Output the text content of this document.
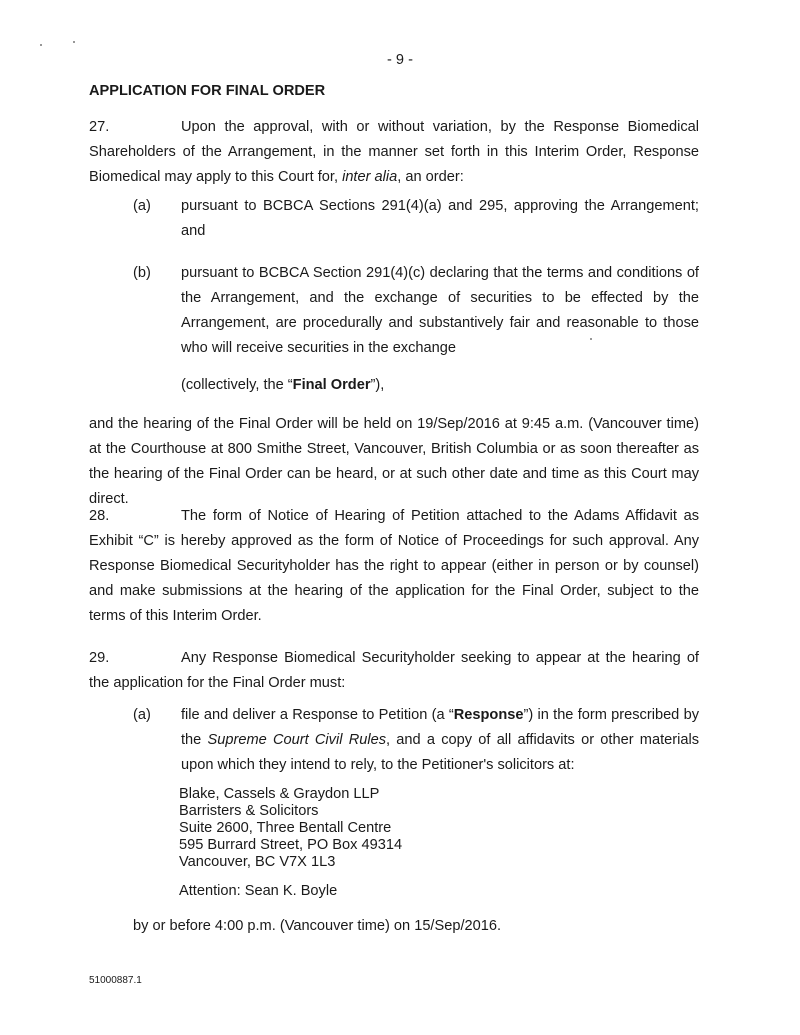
- 9 -
APPLICATION FOR FINAL ORDER
27.	Upon the approval, with or without variation, by the Response Biomedical Shareholders of the Arrangement, in the manner set forth in this Interim Order, Response Biomedical may apply to this Court for, inter alia, an order:
(a) pursuant to BCBCA Sections 291(4)(a) and 295, approving the Arrangement; and
(b) pursuant to BCBCA Section 291(4)(c) declaring that the terms and conditions of the Arrangement, and the exchange of securities to be effected by the Arrangement, are procedurally and substantively fair and reasonable to those who will receive securities in the exchange
(collectively, the “Final Order”),
and the hearing of the Final Order will be held on 19/Sep/2016 at 9:45 a.m. (Vancouver time) at the Courthouse at 800 Smithe Street, Vancouver, British Columbia or as soon thereafter as the hearing of the Final Order can be heard, or at such other date and time as this Court may direct.
28.	The form of Notice of Hearing of Petition attached to the Adams Affidavit as Exhibit “C” is hereby approved as the form of Notice of Proceedings for such approval. Any Response Biomedical Securityholder has the right to appear (either in person or by counsel) and make submissions at the hearing of the application for the Final Order, subject to the terms of this Interim Order.
29.	Any Response Biomedical Securityholder seeking to appear at the hearing of the application for the Final Order must:
(a) file and deliver a Response to Petition (a “Response”) in the form prescribed by the Supreme Court Civil Rules, and a copy of all affidavits or other materials upon which they intend to rely, to the Petitioner's solicitors at:
Blake, Cassels & Graydon LLP
Barristers & Solicitors
Suite 2600, Three Bentall Centre
595 Burrard Street, PO Box 49314
Vancouver, BC V7X 1L3
Attention: Sean K. Boyle
by or before 4:00 p.m. (Vancouver time) on 15/Sep/2016.
51000887.1
